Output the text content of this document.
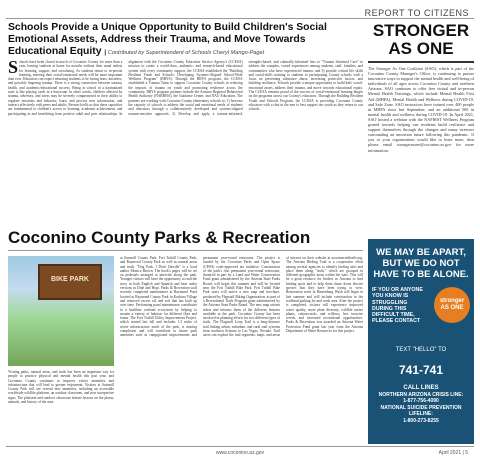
REPORT TO CITIZENS
Schools Provide a Unique Opportunity to Build Children's Social Emotional Assets, Address their Trauma, and Move Towards Educational Equity | Contributed by Superintendent of Schools Cheryl Mango-Paget
Schools have been closed in much of Coconino County for more than a year, leaving students at home for months without their usual outlets for learning, support, and socializing. As students return to in-person learning, meeting their social-emotional needs will be more important than ever. Educators can expect returning students to be facing fears, anxieties, and possibly lingering trauma. There is a strong connection between trauma, health, and academic/educational success. Being at school in a traumatized state is like placing cards in a hurricane. In other words, children affected by trauma, adversity, and stress may be severely compromised in their ability to regulate emotions and behavior, learn, and process new information, and interact effectively with peers and adults. Research tells us that these capacities are fundamental to children's access to learning, academic achievement, and participating in and benefitting from positive adult and peer relationships. In alignment with the Coconino County Education Service Agency's (CCESA) mission to create a world-class, authentic, and research-based educational system with every community support, the CCESA established the "Building Resilient Youth and Schools: Developing Systems-Aligned School-Wide Wellness Program" (BRYS). Through the BRYS program, the CCESA established a Trauma Team to support Coconino County schools in reducing the impacts of trauma on youth and promoting resilience across the community. BRYS program partners include the Arizona Regional Behavioral Health Authority (NARBHA), the Guidance Center, and NAU Education. The partners are working with Coconino County elementary schools to: 1) Increase the capacity of schools to address the social and emotional needs of students and educators through a collaboratively developed and systems-aligned trauma-sensitive approach; 2) Develop and apply a trauma-informed, strengths-based, and culturally-informed lens to "Trauma Informed Care" to address the complex, varied experiences among students, staff, families, and communities who have experienced trauma; and 3) provide critical life skills and social-skills training to students to participating County schools with a focus on preventing substance abuse, increasing protective factors, and building resilience. Schools provide a unique opportunity to build kids' social-emotional assets, address their trauma, and move towards educational equity. The CCESA remains proud of the success of social-emotional learning hinges on the programs across our County's educators. Through the Building Resilient Youth and Schools Program, the CCESA is providing Coconino County educators with a shot in the arm to best support our youth as they return to our schools.
STRONGER AS ONE
The Stronger As One Coalition (SAO), which is part of the Coconino County Manager's Office, is continuing to pursue innovative ways to support the mental health and well-being of individuals of all ages across Coconino County and northern Arizona. SAO continues to offer free virtual and in-person Mental Health Trainings, which include Mental Health First Aid (MHFA), Mental Health and Wellness during COVID-19, and Safe Zone. SAO instructors have trained over 400 people in MHFA since last September, and an additional 500 in mental health and wellness during COVID-19. In April 2021, SAO hosted a webinar with the NAFIRST Wellness Program geared towards helping our residents build resilience and support themselves through the changes and many stressors surrounding an uncertain future following this pandemic. If you or your organizations would like to learn more, then please email strongerasone@coconino.az.gov for more information.
WE MAY BE APART, BUT WE DO NOT HAVE TO BE ALONE.
IF YOU OR ANYONE YOU KNOW IS STRUGGLING DURING THIS DIFFICULT TIME, PLEASE CONTACT
stronger
AS ONE
TEXT "HELLO" TO
741-741
CALL LINES
NORTHERN ARIZONA CRISIS LINE:
1-877-756-4090
NATIONAL SUICIDE PREVENTION LIFELINE:
1-800-273-8255
Coconino County Parks & Recreation
BIKE PARK
Visiting parks, natural areas, and trails has been an important way for people to practice physical and mental health this past year, and Coconino County continues to improve visitor amenities and infrastructure that will lead to greater enjoyment. Visitors at Sawmill County Park will see several new amenities, including an accessible worldwide wildlife platform, an outdoor classroom, and new interpretive signs. The platform and outdoor classroom feature lessons on the plants, animals, and history of the area.
at Sawmill County Park, Fort Tuthill County Park, and Raymond County Park as well as natural areas and trails. "Dog Park, I Don't Dawdle" is a local author Monica Brown. The book's pages will be set on pedestals arranged at intervals along the path. Younger visitors will have the opportunity to read the story in both English and Spanish and hear audio versions in Diné and Hopi. Parks & Recreation staff recently completed maintenance at Raymond Pond located at Raymond County Park in Kachina Village and removed excess silt and soil that has built up over time. Performing pond maintenance contributes to a healthier wetland ecosystem by helping to sustain a variety of habitats for different flora and fauna. The Fort Tuthill Utility Improvement Project, which started last fall and includes 1.5 miles of sewer infrastructure north of the park, is nearing completion and will contribute to future park amenities such as campground improvements and permanent year-round restrooms. The project is funded by the Coconino Parks and Open Space (CPOS) voter-approved tax initiative. Construction of the park's first permanent year-round restrooms, financed in part by a Land and Water Conservation Fund grant administered by the Arizona State Parks Board, will begin this summer and will be located near the Fort Tuthill Bike Park. Fort Tuthill Bike Park users will notice a new map and brochure, produced by Flagstaff Biking Organization, as part of a Recreational Trails Program grant administered by the Arizona State Parks Board. The new map orients riders and informs them of the different features available at the park. Coconino County has been involved in planning efforts for two different types of trails. The Flagstaff Loop Trail is a long-distance trail linking urban, suburban, and rural trail systems from northern Arizona to Las Vegas, Nevada. Trail users can explore the trail segments, maps, and areas of interest on their website at azconnectedtrails.org. The Arizona Birding Trail is a cooperative effort among several agencies to identify birding sites and place them along "trails," which are grouped in different geographic areas within the state. This will be a great resource for birders in Arizona to find birding spots and to help them chase down elusive species that they have been trying to view. Restoration work in Harrenburg Wash will begin in late summer and will include construction in the trailhead parking lot and wash area. After the project is completed, visitors will experience improved water quality, more plant diversity, wildlife native plants, cottonwoods, and willows, less invasive weeds, and increased recreational opportunities. Parks & Recreation was awarded an Arizona Water Protection Fund grant last year from the Arizona Department of Water Resources for this project.
www.coconino.az.gov	April 2021 | 5
